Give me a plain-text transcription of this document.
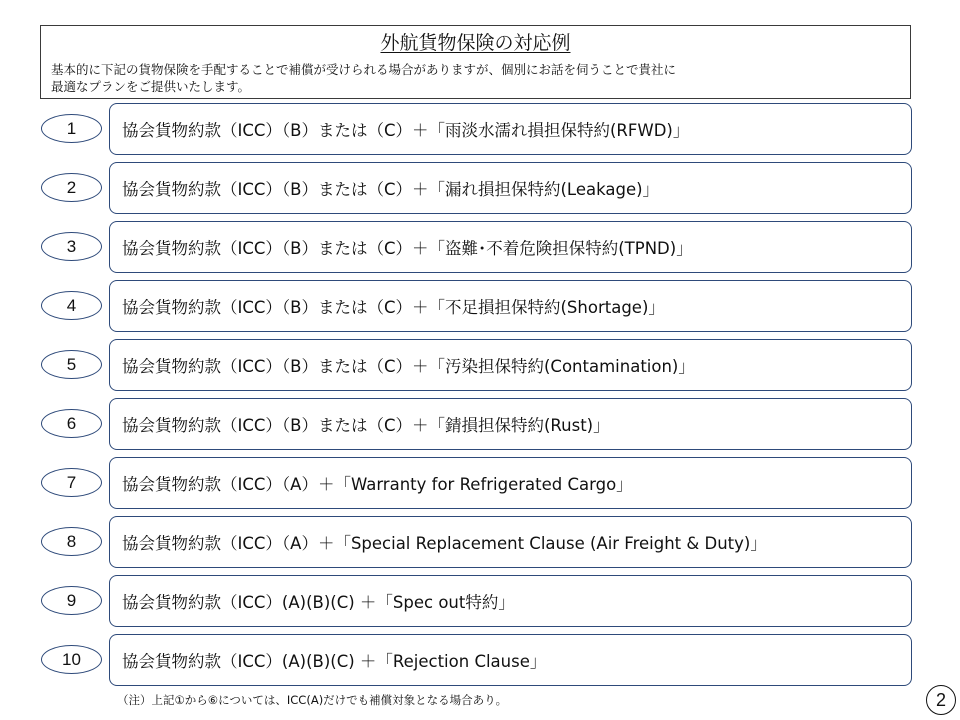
外航貨物保険の対応例
基本的に下記の貨物保険を手配することで補償が受けられる場合がありますが、個別にお話を伺うことで貴社に
最適なプランをご提供いたします。
1	協会貨物約款（ICC）（B）または（C）＋「雨淡水濡れ損担保特約(RFWD)」
2	協会貨物約款（ICC）（B）または（C）＋「漏れ損担保特約(Leakage)」
3	協会貨物約款（ICC）（B）または（C）＋「盗難･不着危険担保特約(TPND)」
4	協会貨物約款（ICC）（B）または（C）＋「不足損担保特約(Shortage)」
5	協会貨物約款（ICC）（B）または（C）＋「汚染担保特約(Contamination)」
6	協会貨物約款（ICC）（B）または（C）＋「錆損担保特約(Rust)」
7	協会貨物約款（ICC）（A）＋「Warranty for Refrigerated Cargo」
8	協会貨物約款（ICC）（A）＋「Special Replacement Clause (Air Freight & Duty)」
9	協会貨物約款（ICC）(A)(B)(C) ＋「Spec out特約」
10	協会貨物約款（ICC）(A)(B)(C) ＋「Rejection Clause」
（注）上記①から⑥については、ICC(A)だけでも補償対象となる場合あり。	2
